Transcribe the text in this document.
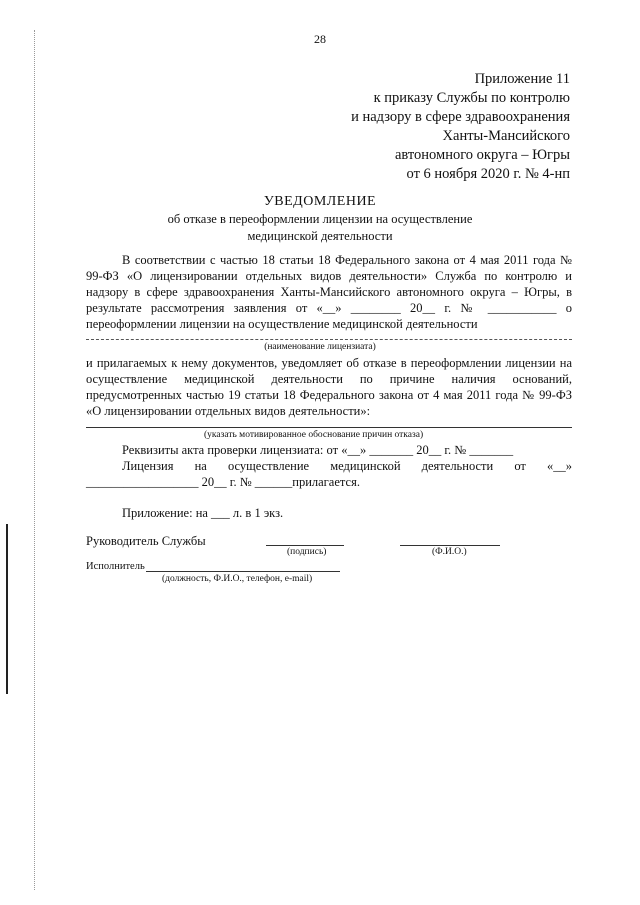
28
Приложение 11
к приказу Службы по контролю
и надзору в сфере здравоохранения
Ханты-Мансийского
автономного округа – Югры
от 6 ноября 2020 г. № 4-нп
УВЕДОМЛЕНИЕ
об отказе в переоформлении лицензии на осуществление
медицинской деятельности
В соответствии с частью 18 статьи 18 Федерального закона от 4 мая 2011 года №
99-ФЗ «О лицензировании отдельных видов деятельности» Служба по контролю и
надзору в сфере здравоохранения Ханты-Мансийского автономного округа – Югры, в
результате рассмотрения заявления от «__» ________ 20__ г. № ___________ о
переоформлении лицензии на осуществление медицинской деятельности
(наименование лицензиата)
и прилагаемых к нему документов, уведомляет об отказе в переоформлении лицензии на
осуществление медицинской деятельности по причине наличия оснований,
предусмотренных частью 19 статьи 18 Федерального закона от 4 мая 2011 года № 99-ФЗ
«О лицензировании отдельных видов деятельности»:
(указать мотивированное обоснование причин отказа)
Реквизиты акта проверки лицензиата: от «__» _______ 20__ г. № _______
Лицензия на осуществление медицинской деятельности от «__»
__________________ 20__ г. № ______прилагается.
Приложение: на ___ л. в 1 экз.
Руководитель Службы
(подпись)	(Ф.И.О.)
Исполнитель
(должность, Ф.И.О., телефон, e-mail)
